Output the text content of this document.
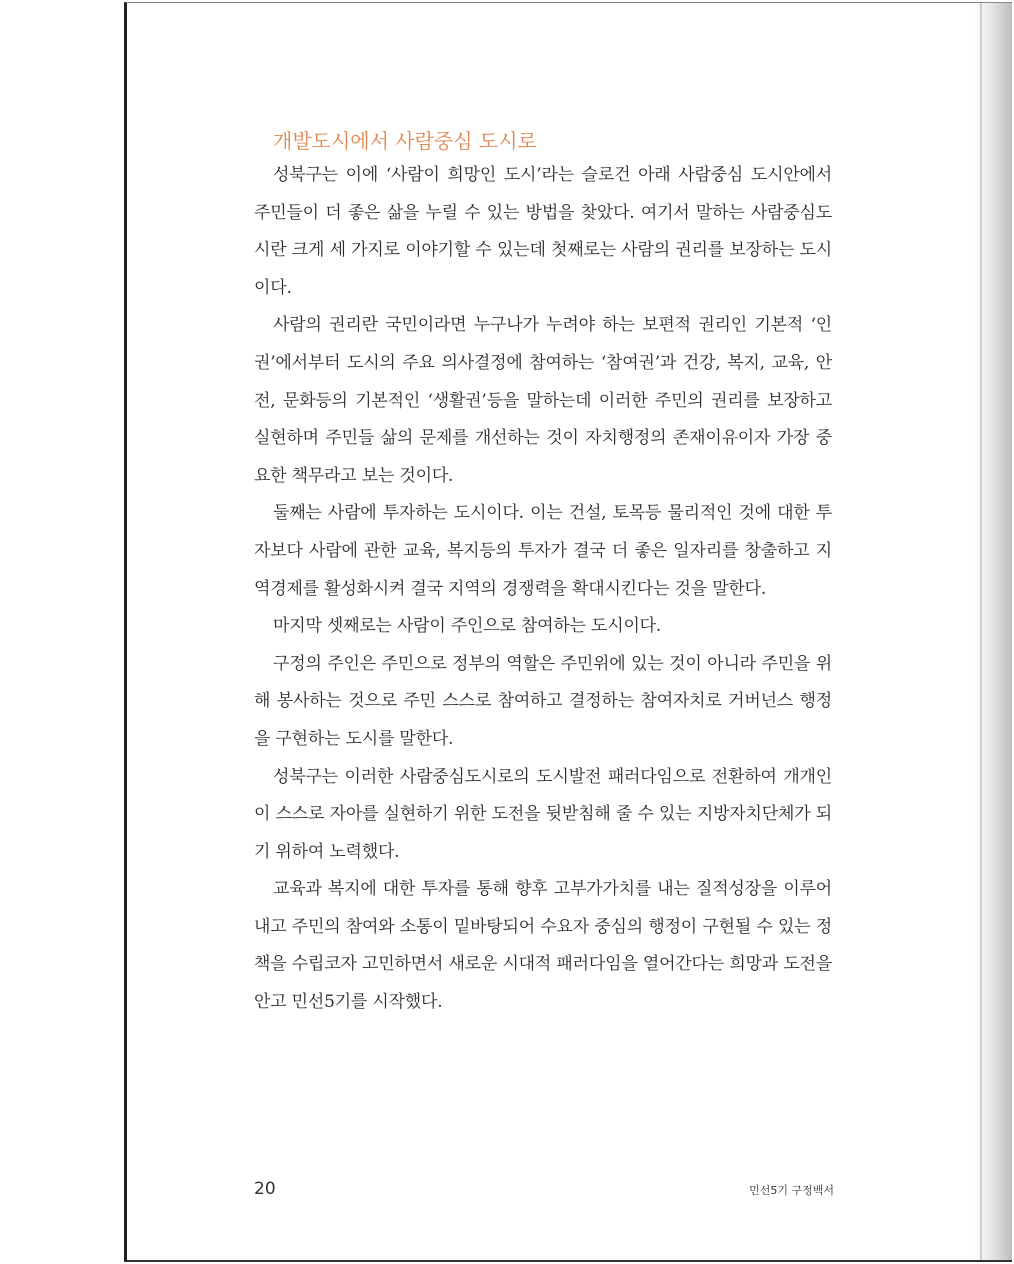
개발도시에서 사람중심 도시로

성북구는 이에 ‘사람이 희망인 도시’라는 슬로건 아래 사람중심 도시안에서 주민들이 더 좋은 삶을 누릴 수 있는 방법을 찾았다. 여기서 말하는 사람중심도시란 크게 세 가지로 이야기할 수 있는데 첫째로는 사람의 권리를 보장하는 도시이다.

사람의 권리란 국민이라면 누구나가 누려야 하는 보편적 권리인 기본적 ‘인권’에서부터 도시의 주요 의사결정에 참여하는 ‘참여권’과 건강, 복지, 교육, 안전, 문화등의 기본적인 ‘생활권’등을 말하는데 이러한 주민의 권리를 보장하고 실현하며 주민들 삶의 문제를 개선하는 것이 자치행정의 존재이유이자 가장 중요한 책무라고 보는 것이다.

둘째는 사람에 투자하는 도시이다. 이는 건설, 토목등 물리적인 것에 대한 투자보다 사람에 관한 교육, 복지등의 투자가 결국 더 좋은 일자리를 창출하고 지역경제를 활성화시켜 결국 지역의 경쟁력을 확대시킨다는 것을 말한다.

마지막 셋째로는 사람이 주인으로 참여하는 도시이다.

구정의 주인은 주민으로 정부의 역할은 주민위에 있는 것이 아니라 주민을 위해 봉사하는 것으로 주민 스스로 참여하고 결정하는 참여자치로 거버넌스 행정을 구현하는 도시를 말한다.

성북구는 이러한 사람중심도시로의 도시발전 패러다임으로 전환하여 개개인이 스스로 자아를 실현하기 위한 도전을 뒷받침해 줄 수 있는 지방자치단체가 되기 위하여 노력했다.

교육과 복지에 대한 투자를 통해 향후 고부가가치를 내는 질적성장을 이루어내고 주민의 참여와 소통이 밑바탕되어 수요자 중심의 행정이 구현될 수 있는 정책을 수립코자 고민하면서 새로운 시대적 패러다임을 열어간다는 희망과 도전을 안고 민선5기를 시작했다.

20	민선5기 구정백서
